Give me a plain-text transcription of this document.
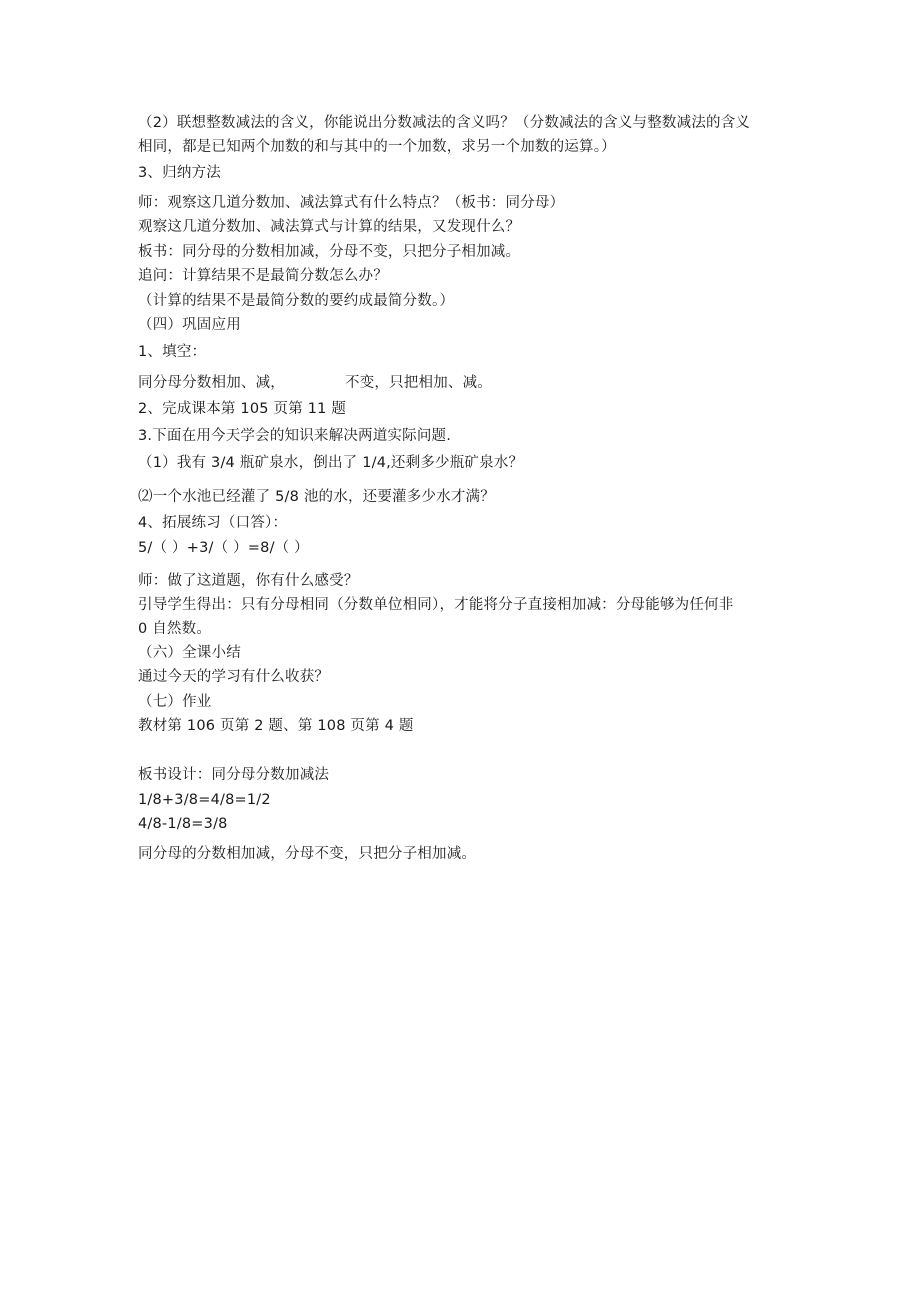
（2）联想整数减法的含义，你能说出分数减法的含义吗？（分数减法的含义与整数减法的含义
相同，都是已知两个加数的和与其中的一个加数，求另一个加数的运算。）
3、归纳方法
师：观察这几道分数加、减法算式有什么特点？（板书：同分母）
观察这几道分数加、减法算式与计算的结果，又发现什么？
板书：同分母的分数相加减，分母不变，只把分子相加减。
追问：计算结果不是最简分数怎么办？
（计算的结果不是最简分数的要约成最简分数。）
（四）巩固应用
1、填空：
同分母分数相加、减，	不变，只把相加、减。
2、完成课本第 105 页第 11 题
3.下面在用今天学会的知识来解决两道实际问题.
（1）我有 3/4 瓶矿泉水，倒出了 1/4,还剩多少瓶矿泉水？
⑵一个水池已经灌了 5/8 池的水，还要灌多少水才满？
4、拓展练习（口答）：
5/（ ）+3/（ ）=8/（ ）
师：做了这道题，你有什么感受？
引导学生得出：只有分母相同（分数单位相同），才能将分子直接相加减：分母能够为任何非
0 自然数。
（六）全课小结
通过今天的学习有什么收获？
（七）作业
教材第 106 页第 2 题、第 108 页第 4 题
板书设计：同分母分数加减法
1/8+3/8=4/8=1/2
4/8-1/8=3/8
同分母的分数相加减，分母不变，只把分子相加减。
